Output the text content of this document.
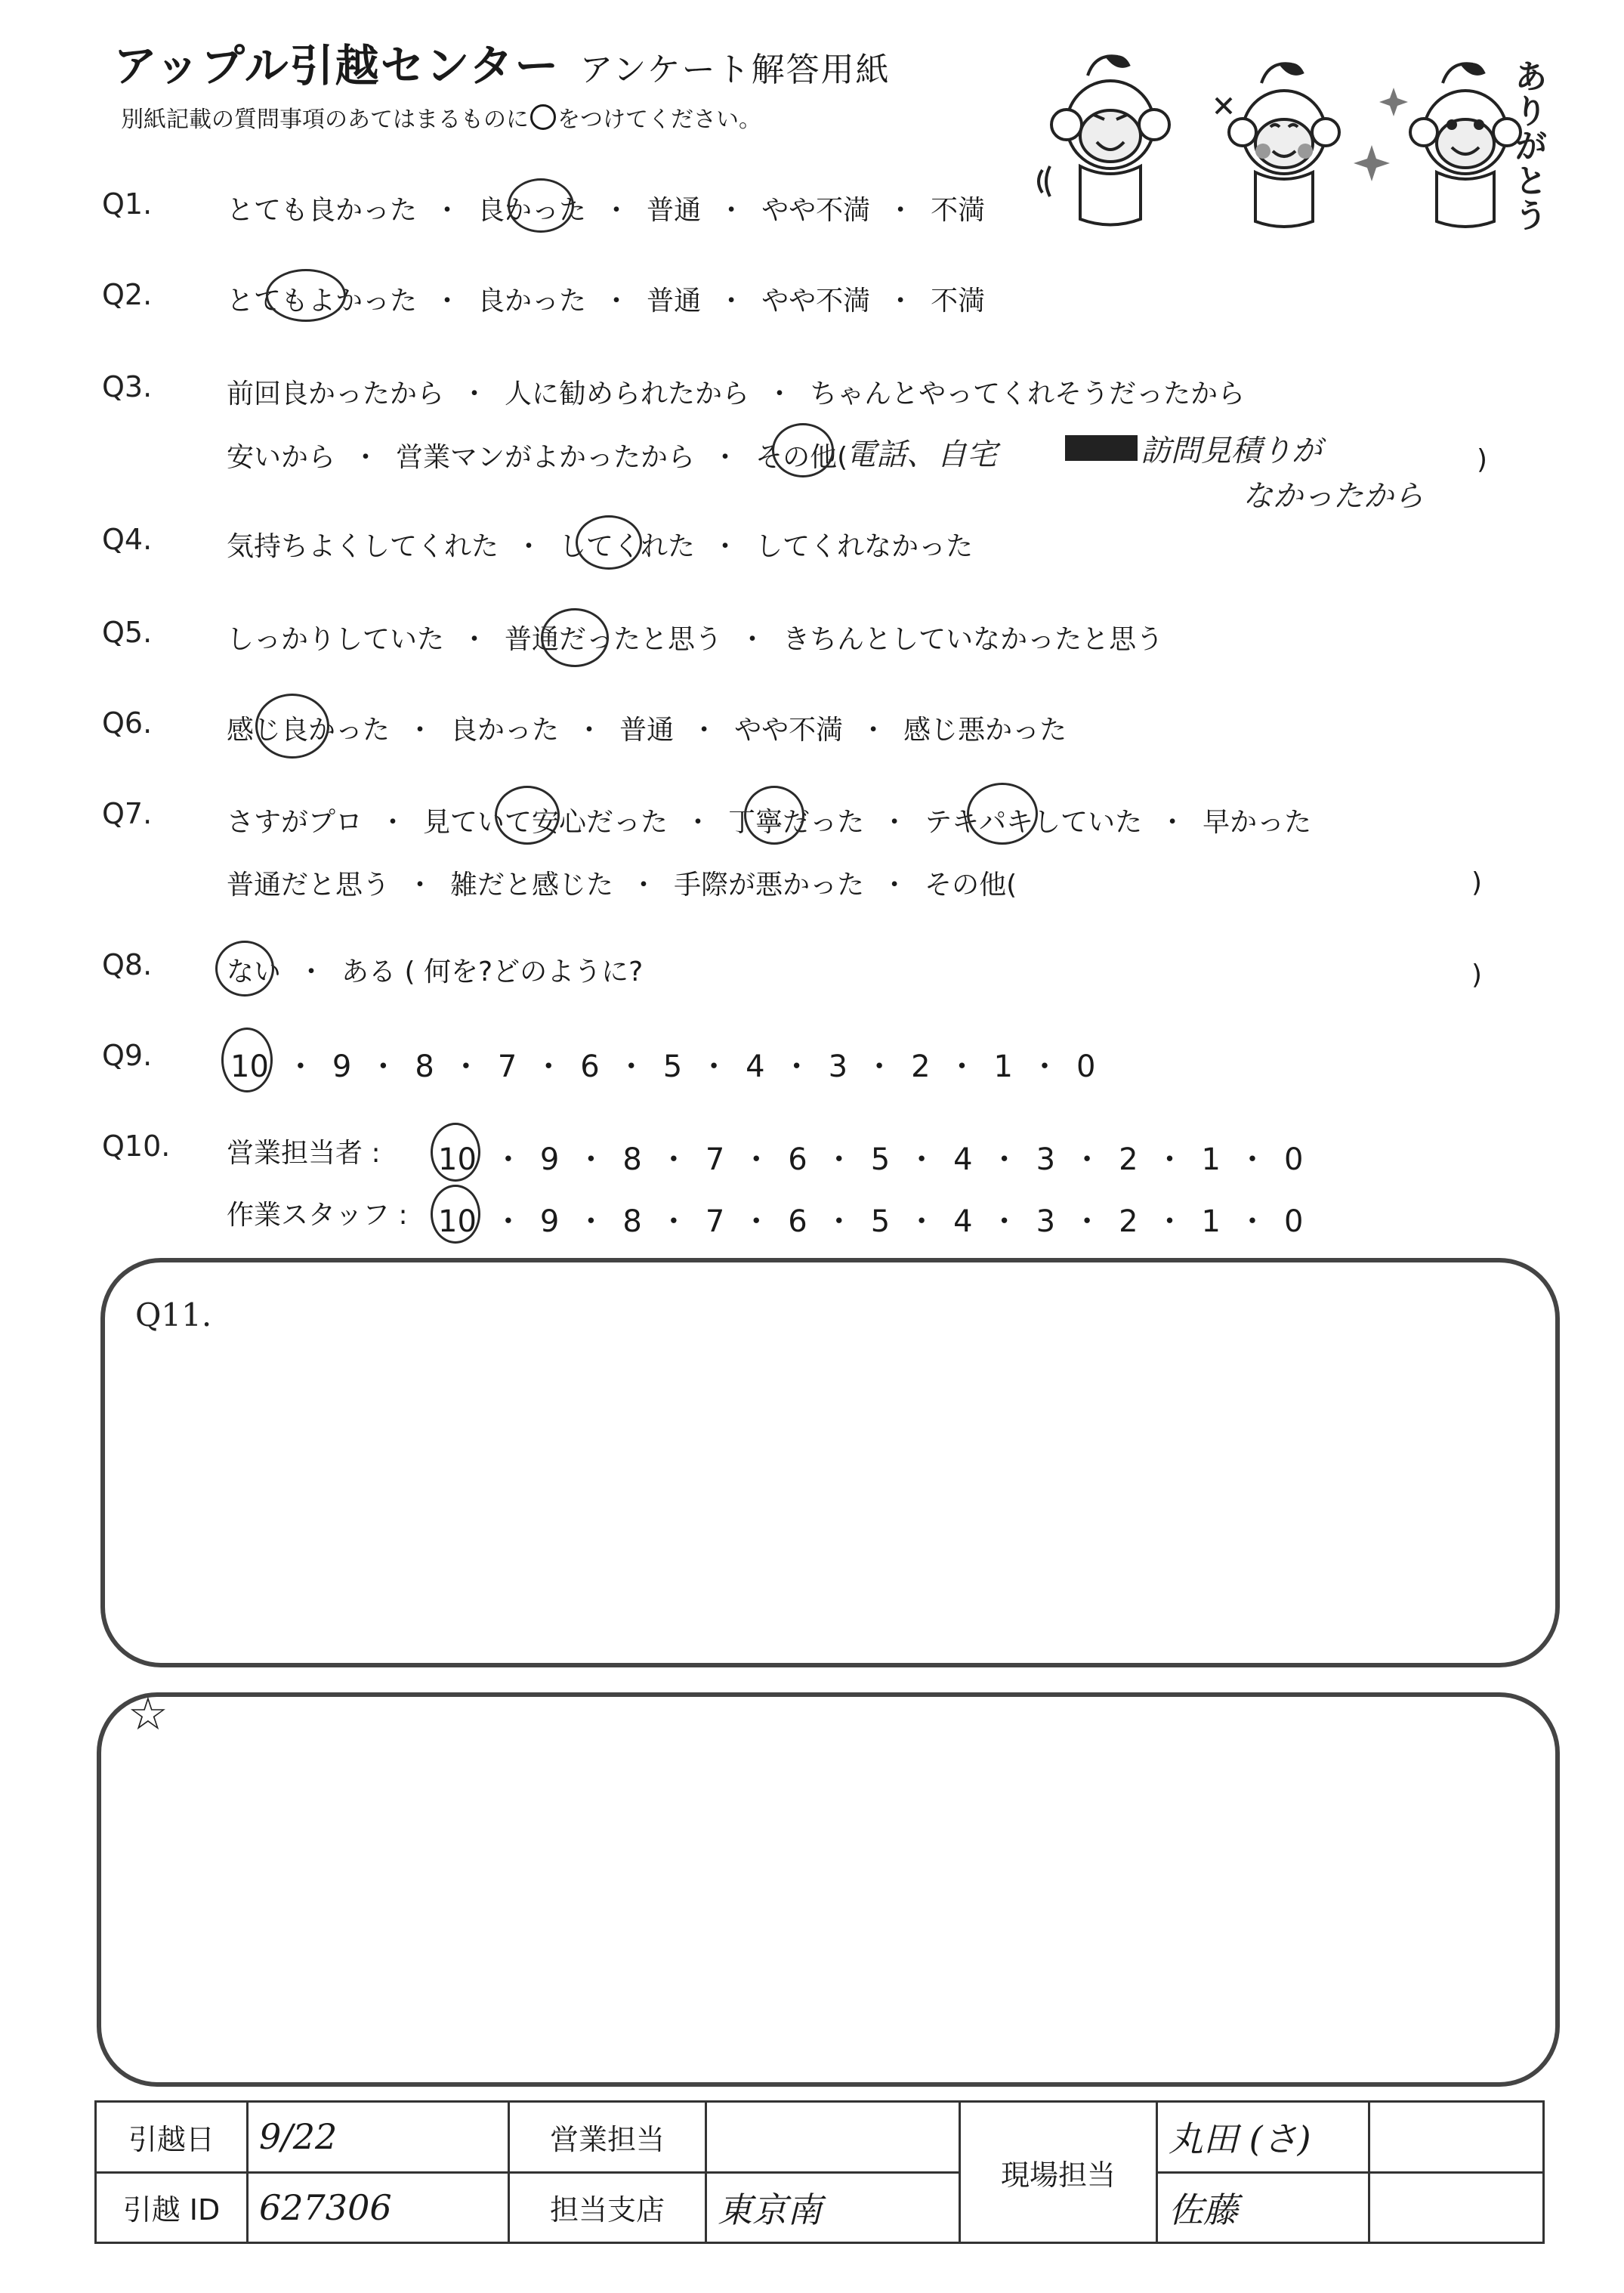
アップル引越センター アンケート解答用紙
別紙記載の質問事項のあてはまるものに ○ をつけてください。	ありがとう
Q1.	とても良かった ・ 良かった ・ 普通 ・ やや不満 ・ 不満
Q2.	とてもよかった ・ 良かった ・ 普通 ・ やや不満 ・ 不満
Q3.	前回良かったから ・ 人に勧められたから ・ ちゃんとやってくれそうだったから
安いから ・ 営業マンがよかったから ・ その他(
電話、自宅	訪問見積りが
なかったから
)
Q4.	気持ちよくしてくれた ・ してくれた ・ してくれなかった
Q5.	しっかりしていた ・ 普通だったと思う ・ きちんとしていなかったと思う
Q6.	感じ良かった ・ 良かった ・ 普通 ・ やや不満 ・ 感じ悪かった
Q7.	さすがプロ ・ 見ていて安心だった ・ 丁寧だった ・ テキパキしていた ・ 早かった
普通だと思う ・ 雑だと感じた ・ 手際が悪かった ・ その他(	)
Q8.	ない ・ ある ( 何を?どのように?	)
Q9.	10 ・ 9 ・ 8 ・ 7 ・ 6 ・ 5 ・ 4 ・ 3 ・ 2 ・ 1 ・ 0
Q10. 営業担当者 : 10 ・ 9 ・ 8 ・ 7 ・ 6 ・ 5 ・ 4 ・ 3 ・ 2 ・ 1 ・ 0
作業スタッフ : 10 ・ 9 ・ 8 ・ 7 ・ 6 ・ 5 ・ 4 ・ 3 ・ 2 ・ 1 ・ 0
Q11.
☆
引越日	9/22	営業担当		現場担当	丸田 (さ)	
引越 ID	627306	担当支店	東京南		佐藤	
